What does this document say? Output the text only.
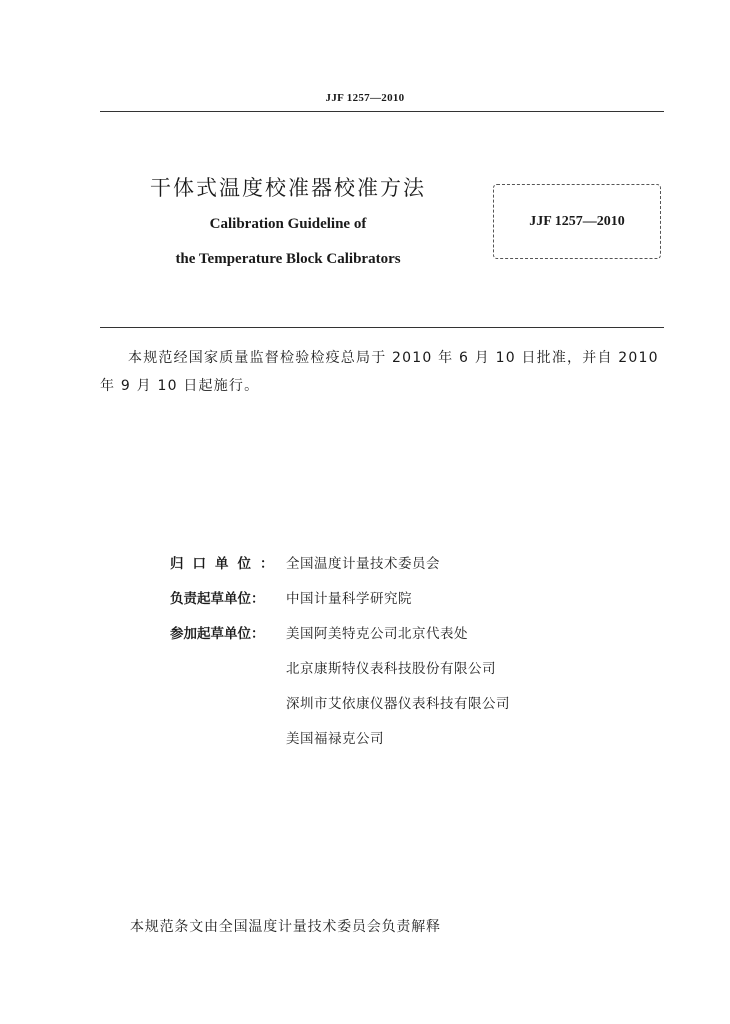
JJF 1257—2010
干体式温度校准器校准方法
Calibration Guideline of
the Temperature Block Calibrators
JJF 1257—2010
本规范经国家质量监督检验检疫总局于 2010 年 6 月 10 日批准，并自 2010 年 9 月 10 日起施行。
归口单位： 全国温度计量技术委员会
负责起草单位：	中国计量科学研究院
参加起草单位：	美国阿美特克公司北京代表处
北京康斯特仪表科技股份有限公司
深圳市艾依康仪器仪表科技有限公司
美国福禄克公司
本规范条文由全国温度计量技术委员会负责解释
